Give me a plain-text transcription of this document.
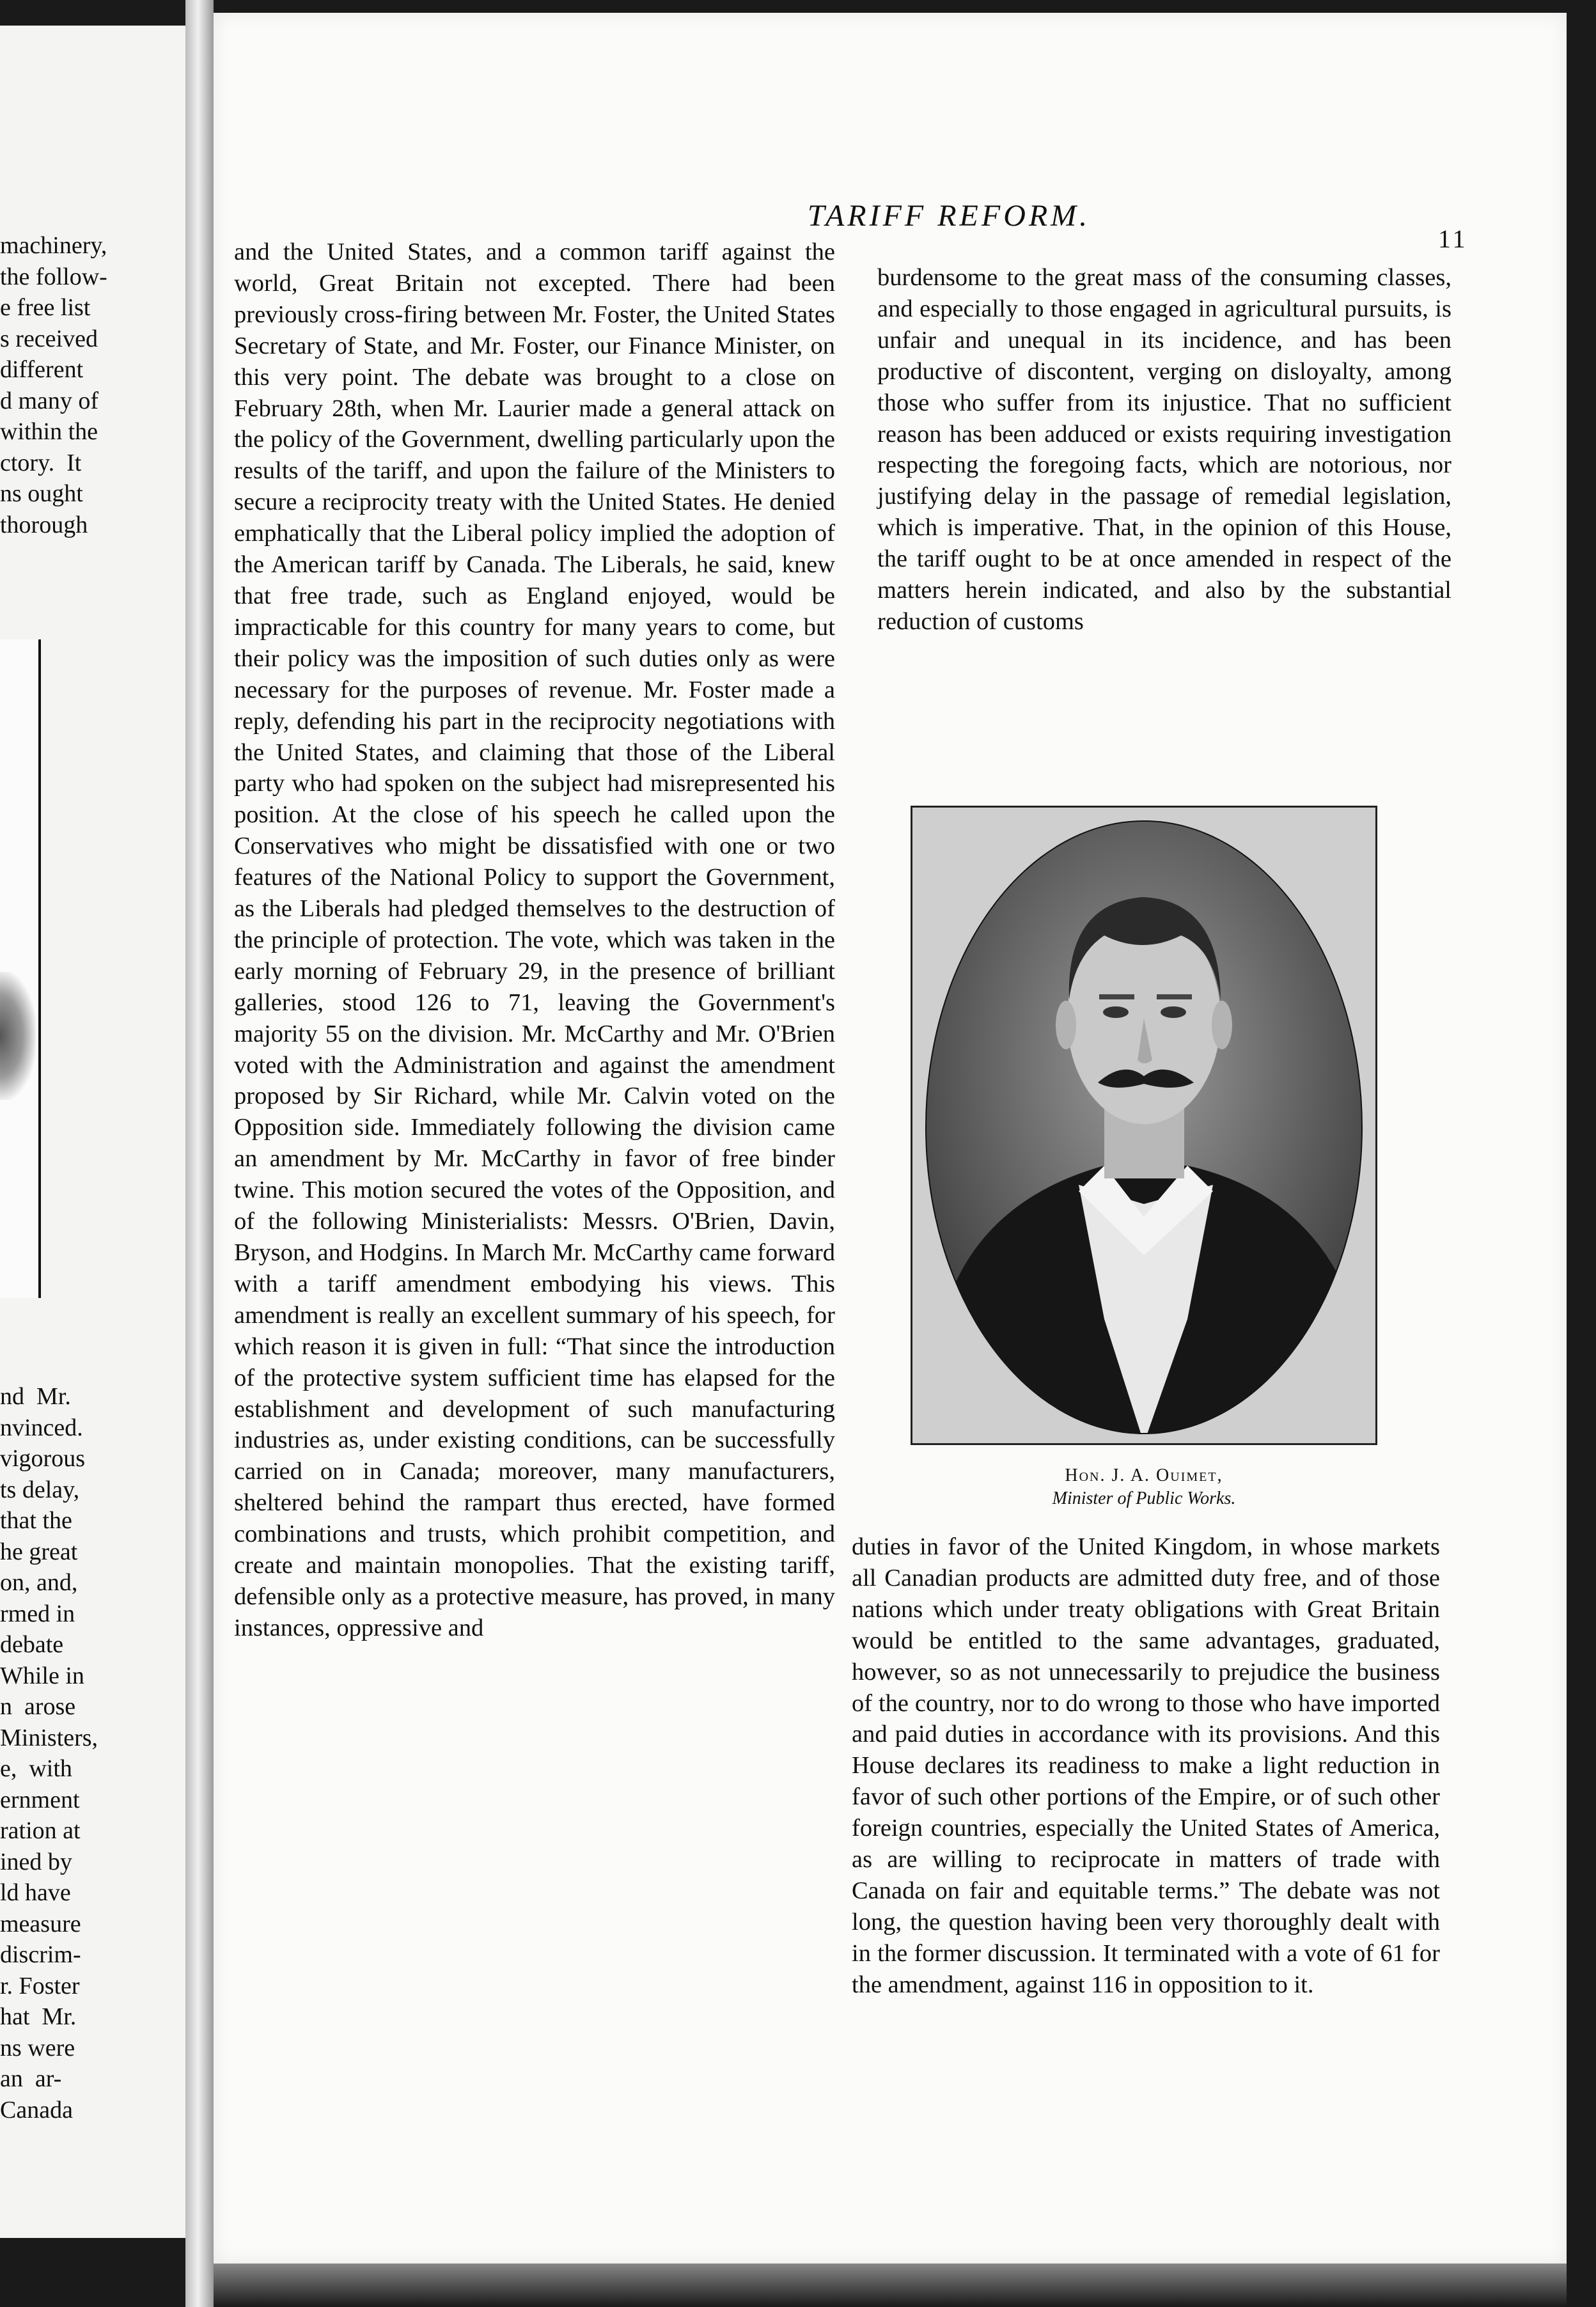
machinery,
the follow-
e free list
s received
different
d many of
within the
ctory.  It
ns ought
thorough
nd  Mr.
nvinced.
vigorous
ts delay,
that the
he great
on, and,
rmed in
debate
While in
n  arose
Ministers,
e,  with
ernment
ration at
ined by
ld have
measure
discrim-
r. Foster
hat  Mr.
ns were
an  ar-
Canada
TARIFF REFORM.
11
and the United States, and a common tariff against the world, Great Britain not excepted. There had been previously cross-firing between Mr. Foster, the United States Secretary of State, and Mr. Foster, our Finance Minister, on this very point. The debate was brought to a close on February 28th, when Mr. Laurier made a general attack on the policy of the Government, dwelling particularly upon the results of the tariff, and upon the failure of the Ministers to secure a reciprocity treaty with the United States. He denied emphatically that the Liberal policy implied the adoption of the American tariff by Canada. The Liberals, he said, knew that free trade, such as England enjoyed, would be impracticable for this country for many years to come, but their policy was the imposition of such duties only as were necessary for the purposes of revenue. Mr. Foster made a reply, defending his part in the reciprocity negotiations with the United States, and claiming that those of the Liberal party who had spoken on the subject had misrepresented his position. At the close of his speech he called upon the Conservatives who might be dissatisfied with one or two features of the National Policy to support the Government, as the Liberals had pledged themselves to the destruction of the principle of protection. The vote, which was taken in the early morning of February 29, in the presence of brilliant galleries, stood 126 to 71, leaving the Government's majority 55 on the division. Mr. McCarthy and Mr. O'Brien voted with the Administration and against the amendment proposed by Sir Richard, while Mr. Calvin voted on the Opposition side. Immediately following the division came an amendment by Mr. McCarthy in favor of free binder twine. This motion secured the votes of the Opposition, and of the following Ministerialists: Messrs. O'Brien, Davin, Bryson, and Hodgins. In March Mr. McCarthy came forward with a tariff amendment embodying his views. This amendment is really an excellent summary of his speech, for which reason it is given in full: “That since the introduction of the protective system sufficient time has elapsed for the establishment and development of such manufacturing industries as, under existing conditions, can be successfully carried on in Canada; moreover, many manufacturers, sheltered behind the rampart thus erected, have formed combinations and trusts, which prohibit competition, and create and maintain monopolies. That the existing tariff, defensible only as a protective measure, has proved, in many instances, oppressive and
burdensome to the great mass of the consuming classes, and especially to those engaged in agricultural pursuits, is unfair and unequal in its incidence, and has been productive of discontent, verging on disloyalty, among those who suffer from its injustice. That no sufficient reason has been adduced or exists requiring investigation respecting the foregoing facts, which are notorious, nor justifying delay in the passage of remedial legislation, which is imperative. That, in the opinion of this House, the tariff ought to be at once amended in respect of the matters herein indicated, and also by the substantial reduction of customs
Hon. J. A. Ouimet,
Minister of Public Works.
duties in favor of the United Kingdom, in whose markets all Canadian products are admitted duty free, and of those nations which under treaty obligations with Great Britain would be entitled to the same advantages, graduated, however, so as not unnecessarily to prejudice the business of the country, nor to do wrong to those who have imported and paid duties in accordance with its provisions. And this House declares its readiness to make a light reduction in favor of such other portions of the Empire, or of such other foreign countries, especially the United States of America, as are willing to reciprocate in matters of trade with Canada on fair and equitable terms.” The debate was not long, the question having been very thoroughly dealt with in the former discussion. It terminated with a vote of 61 for the amendment, against 116 in opposition to it.
